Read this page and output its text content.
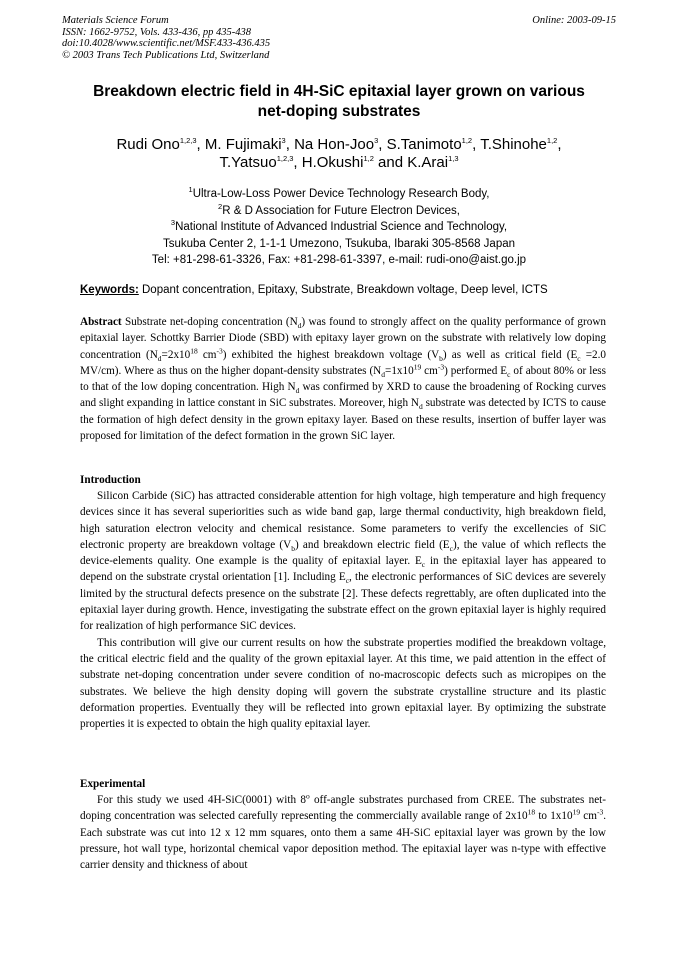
Materials Science Forum
ISSN: 1662-9752, Vols. 433-436, pp 435-438
doi:10.4028/www.scientific.net/MSF.433-436.435
© 2003 Trans Tech Publications Ltd, Switzerland
Online: 2003-09-15
Breakdown electric field in 4H-SiC epitaxial layer grown on various
net-doping substrates
Rudi Ono$^{1,2,3}$, M. Fujimaki$^3$, Na Hon-Joo$^3$, S.Tanimoto$^{1,2}$, T.Shinohe$^{1,2}$,
T.Yatsuo$^{1,2,3}$, H.Okushi$^{1,2}$ and K.Arai$^{1,3}$
$^1$Ultra-Low-Loss Power Device Technology Research Body,
$^2$R & D Association for Future Electron Devices,
$^3$National Institute of Advanced Industrial Science and Technology,
Tsukuba Center 2, 1-1-1 Umezono, Tsukuba, Ibaraki 305-8568 Japan
Tel: +81-298-61-3326, Fax: +81-298-61-3397, e-mail: rudi-ono@aist.go.jp
Keywords: Dopant concentration, Epitaxy, Substrate, Breakdown voltage, Deep level, ICTS

Abstract Substrate net-doping concentration $(N_d)$ was found to strongly affect on the quality performance of grown epitaxial layer. Schottky Barrier Diode (SBD) with epitaxy layer grown on the substrate with relatively low doping concentration ($N_d=2x10^{18}$ $cm^{-3}$) exhibited the highest breakdown voltage $(V_b)$ as well as critical field ($E_c =2.0$ MV/cm). Where as thus on the higher dopant-density substrates ($N_d=1x10^{19}$ $cm^{-3}$) performed $E_c$ of about 80% or less to that of the low doping concentration. High $N_d$ was confirmed by XRD to cause the broadening of Rocking curves and slight expanding in lattice constant in SiC substrates. Moreover, high $N_d$ substrate was detected by ICTS to cause the formation of high defect density in the grown epitaxy layer. Based on these results, insertion of buffer layer was proposed for limitation of the defect formation in the grown SiC layer.

Introduction

Silicon Carbide (SiC) has attracted considerable attention for high voltage, high temperature and high frequency devices since it has several superiorities such as wide band gap, large thermal conductivity, high breakdown field, high saturation electron velocity and chemical resistance. Some parameters to verify the excellencies of SiC electronic property are breakdown voltage $(V_b)$ and breakdown electric field $(E_c)$, the value of which reflects the device-elements quality. One example is the quality of epitaxial layer. $E_c$ in the epitaxial layer has appeared to depend on the substrate crystal orientation [1]. Including $E_c$, the electronic performances of SiC devices are severely limited by the structural defects presence on the substrate [2]. These defects regrettably, are often duplicated into the epitaxial layer during growth. Hence, investigating the substrate effect on the grown epitaxial layer is highly required for realization of high performance SiC devices.

This contribution will give our current results on how the substrate properties modified the breakdown voltage, the critical electric field and the quality of the grown epitaxial layer. At this time, we paid attention in the effect of substrate net-doping concentration under severe condition of no-macroscopic defects such as micropipes on the substrates. We believe the high density doping will govern the substrate crystalline structure and its plastic deformation properties. Eventually they will be reflected into grown epitaxial layer. By optimizing the substrate properties it is expected to obtain the high quality epitaxial layer.

Experimental

For this study we used 4H-SiC(0001) with 8$^o$ off-angle substrates purchased from CREE. The substrates net-doping concentration was selected carefully representing the commercially available range of $2x10^{18}$ to $1x10^{19}$ $cm^{-3}$. Each substrate was cut into 12 x 12 mm squares, onto them a same 4H-SiC epitaxial layer was grown by the low pressure, hot wall type, horizontal chemical vapor deposition method. The epitaxial layer was n-type with effective carrier density and thickness of about
